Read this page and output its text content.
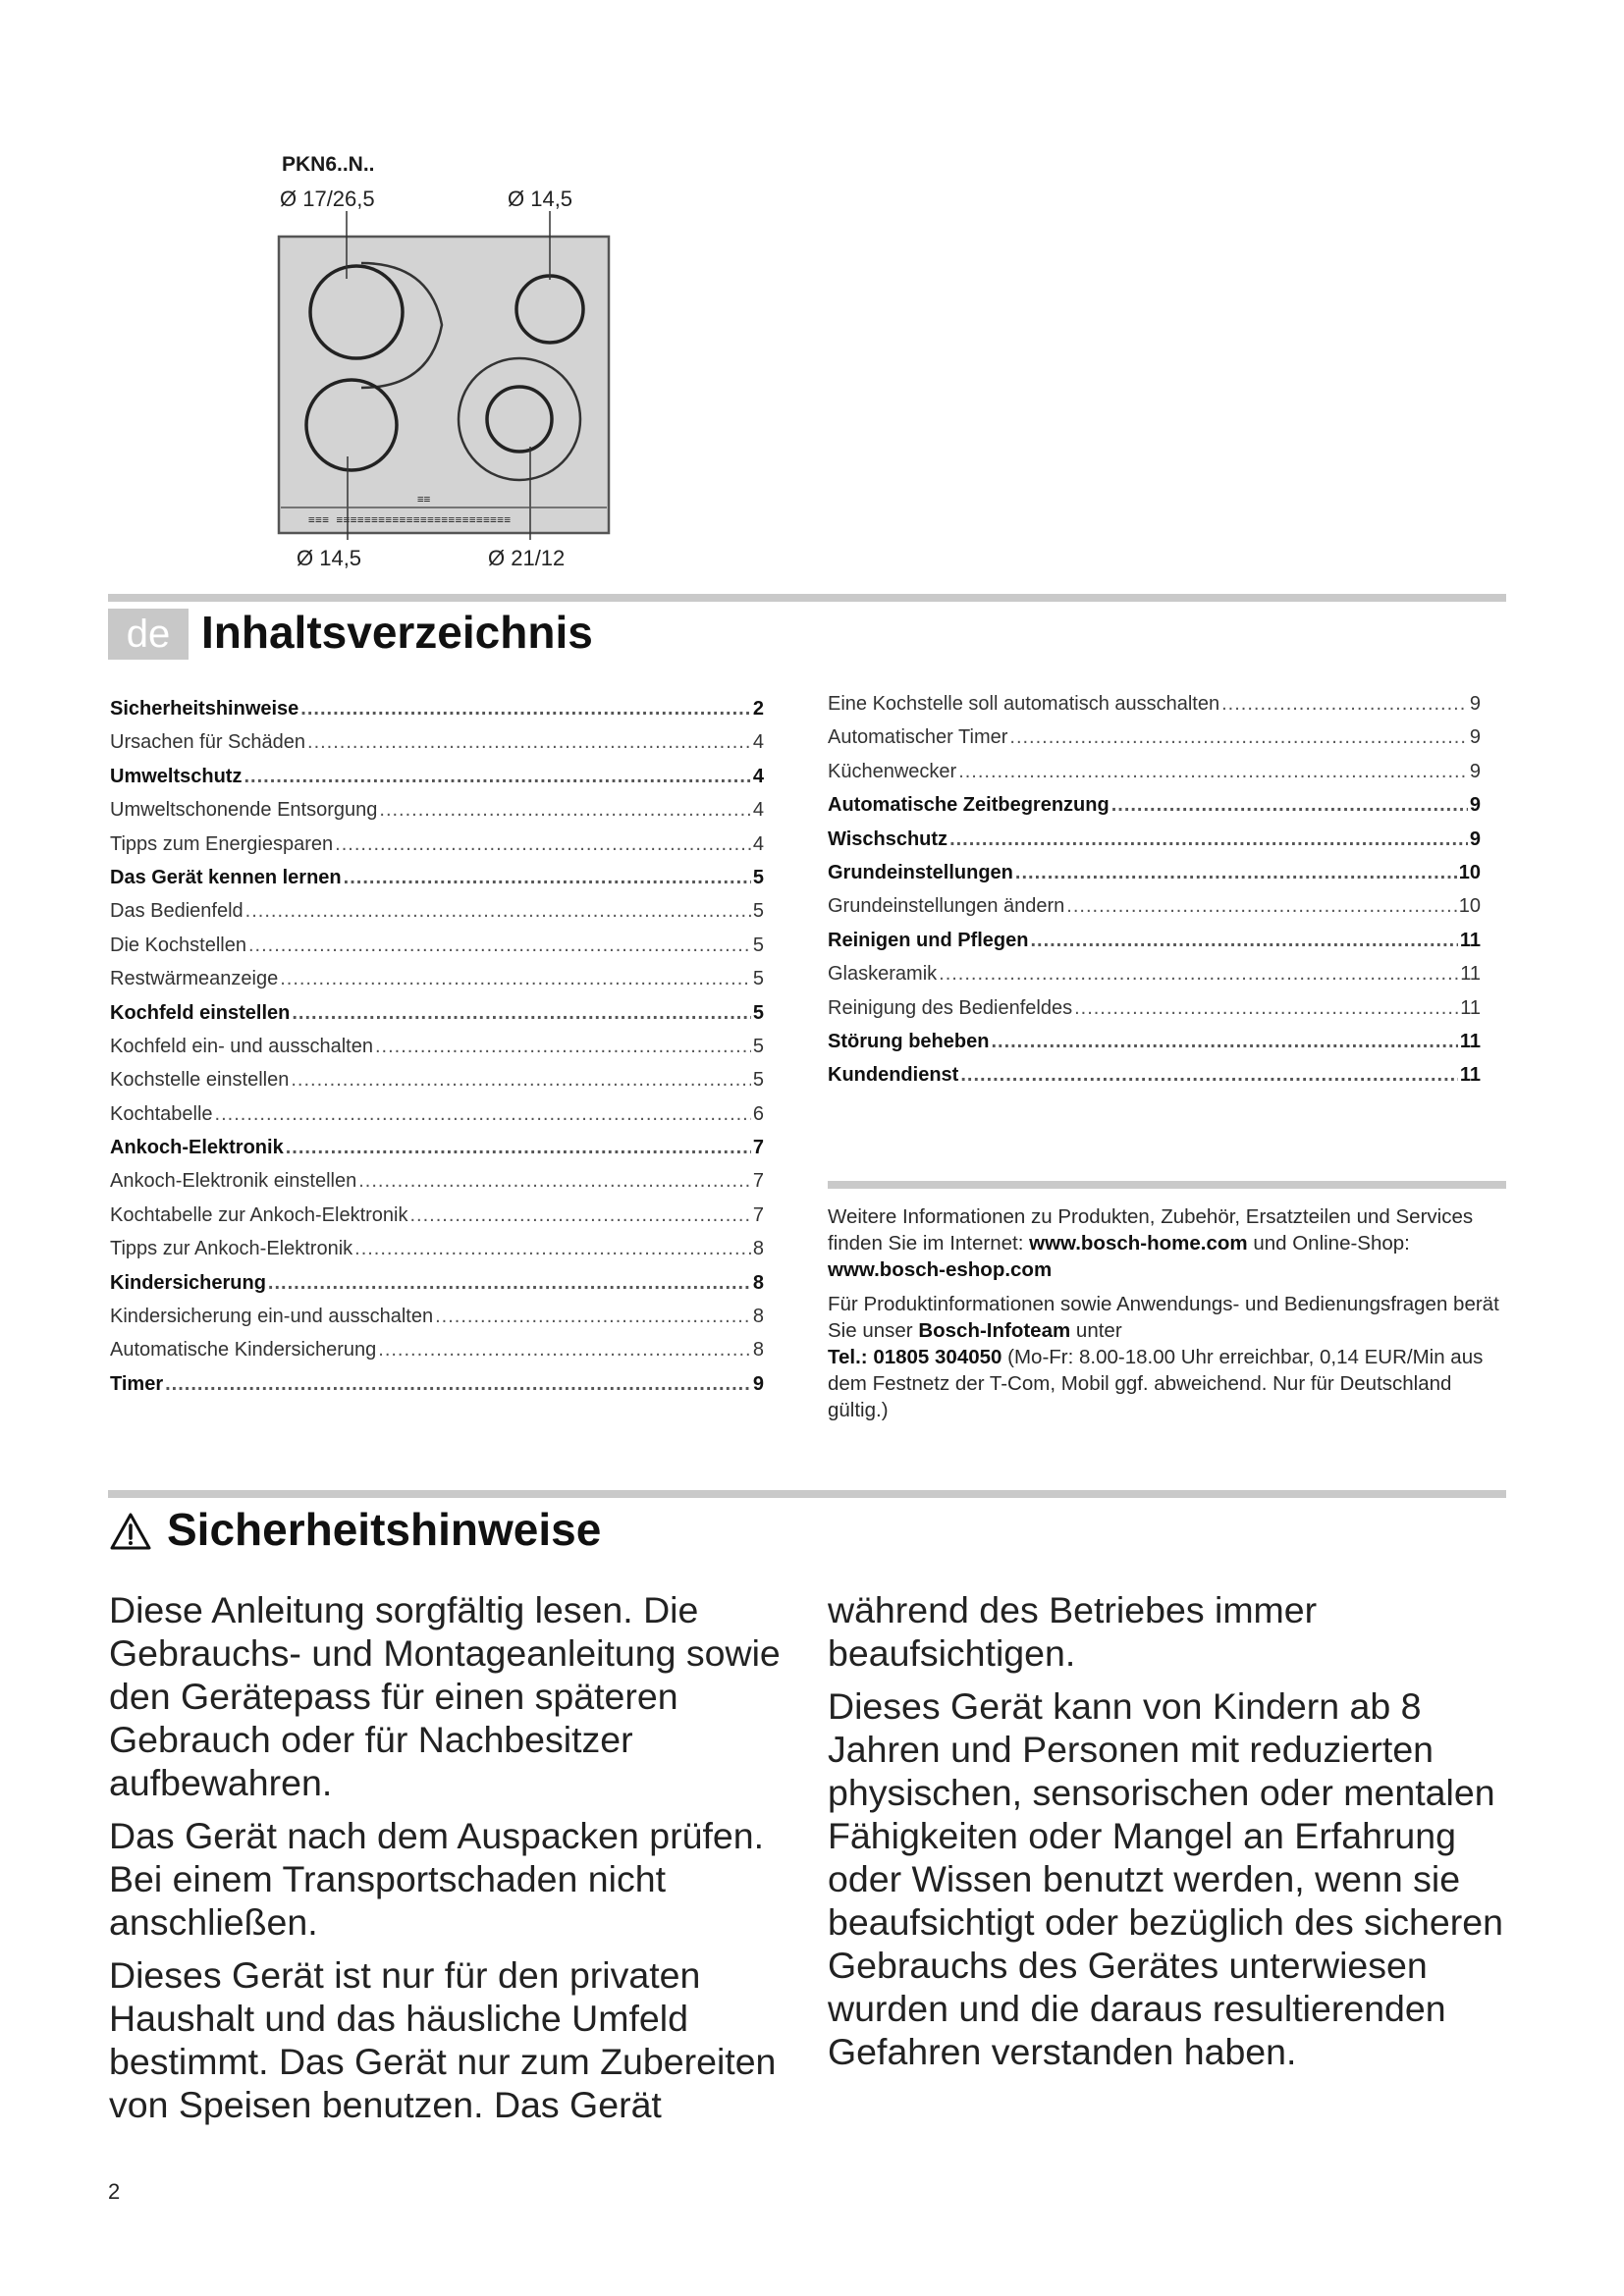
PKN6..N..
Ø 17/26,5	Ø 14,5
≡≡
≡≡≡ ≡≡≡≡≡≡≡≡≡≡≡≡≡≡≡≡≡≡≡≡≡≡≡≡≡
Ø 14,5	Ø 21/12
de Inhaltsverzeichnis
Sicherheitshinweise .....	2
Ursachen für Schäden .....	4
Umweltschutz .....	4
Umweltschonende Entsorgung .....	4
Tipps zum Energiesparen .....	4
Das Gerät kennen lernen .....	5
Das Bedienfeld .....	5
Die Kochstellen .....	5
Restwärmeanzeige .....	5
Kochfeld einstellen .....	5
Kochfeld ein- und ausschalten .....	5
Kochstelle einstellen .....	5
Kochtabelle .....	6
Ankoch-Elektronik .....	7
Ankoch-Elektronik einstellen .....	7
Kochtabelle zur Ankoch-Elektronik .....	7
Tipps zur Ankoch-Elektronik .....	8
Kindersicherung .....	8
Kindersicherung ein-und ausschalten .....	8
Automatische Kindersicherung .....	8
Timer .....	9
Eine Kochstelle soll automatisch ausschalten .....	9
Automatischer Timer .....	9
Küchenwecker .....	9
Automatische Zeitbegrenzung .....	9
Wischschutz .....	9
Grundeinstellungen .....	10
Grundeinstellungen ändern .....	10
Reinigen und Pflegen .....	11
Glaskeramik .....	11
Reinigung des Bedienfeldes .....	11
Störung beheben .....	11
Kundendienst .....	11

Weitere Informationen zu Produkten, Zubehör, Ersatzteilen und Services finden Sie im Internet: www.bosch-home.com und Online-Shop: www.bosch-eshop.com

Für Produktinformationen sowie Anwendungs- und Bedienungsfragen berät Sie unser Bosch-Infoteam unter
Tel.: 01805 304050 (Mo-Fr: 8.00-18.00 Uhr erreichbar, 0,14 EUR/Min aus dem Festnetz der T-Com, Mobil ggf. abweichend. Nur für Deutschland gültig.)

Sicherheitshinweise

Diese Anleitung sorgfältig lesen. Die Gebrauchs- und Montageanleitung sowie den Gerätepass für einen späteren Gebrauch oder für Nachbesitzer aufbewahren.

Das Gerät nach dem Auspacken prüfen. Bei einem Transportschaden nicht anschließen.

Dieses Gerät ist nur für den privaten Haushalt und das häusliche Umfeld bestimmt. Das Gerät nur zum Zubereiten von Speisen benutzen. Das Gerät

während des Betriebes immer beaufsichtigen.

Dieses Gerät kann von Kindern ab 8 Jahren und Personen mit reduzierten physischen, sensorischen oder mentalen Fähigkeiten oder Mangel an Erfahrung oder Wissen benutzt werden, wenn sie beaufsichtigt oder bezüglich des sicheren Gebrauchs des Gerätes unterwiesen wurden und die daraus resultierenden Gefahren verstanden haben.

2
